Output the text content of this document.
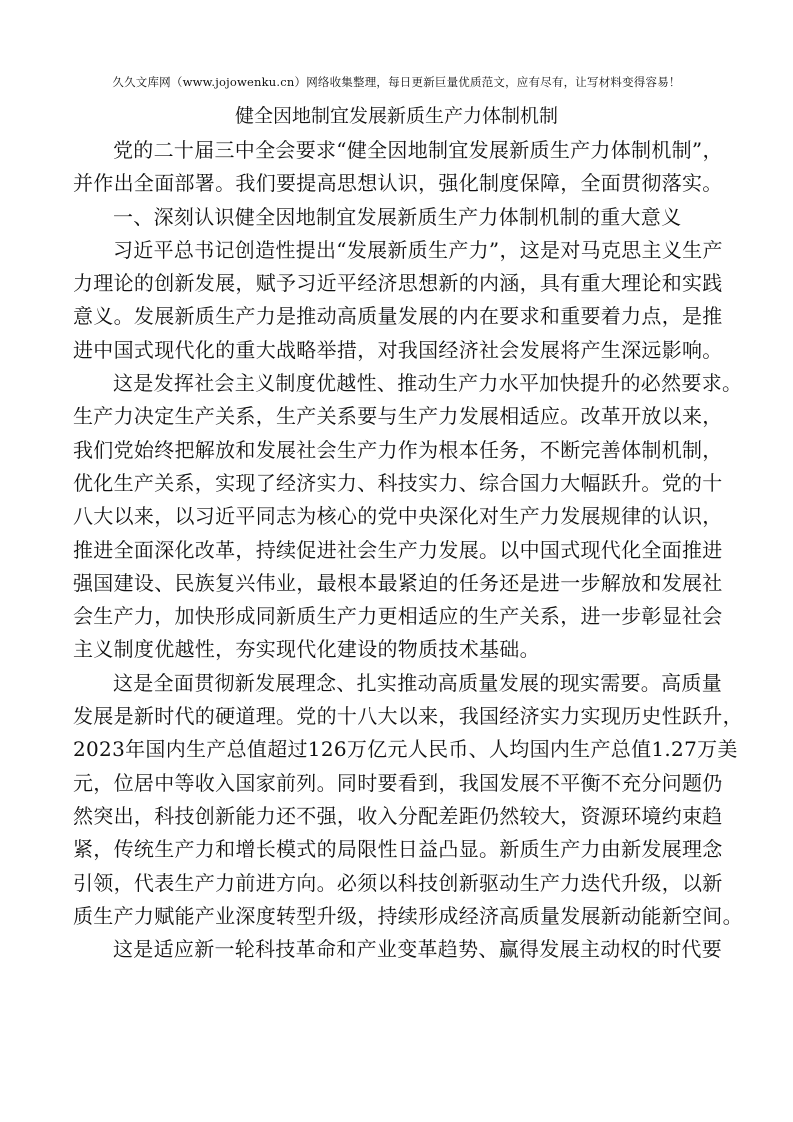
久久文库网（www.jojowenku.cn）网络收集整理，每日更新巨量优质范文，应有尽有，让写材料变得容易！
健全因地制宜发展新质生产力体制机制
党的二十届三中全会要求“健全因地制宜发展新质生产力体制机制”，
并作出全面部署。我们要提高思想认识，强化制度保障，全面贯彻落实。
一、深刻认识健全因地制宜发展新质生产力体制机制的重大意义
习近平总书记创造性提出“发展新质生产力”，这是对马克思主义生产
力理论的创新发展，赋予习近平经济思想新的内涵，具有重大理论和实践
意义。发展新质生产力是推动高质量发展的内在要求和重要着力点，是推
进中国式现代化的重大战略举措，对我国经济社会发展将产生深远影响。
这是发挥社会主义制度优越性、推动生产力水平加快提升的必然要求。
生产力决定生产关系，生产关系要与生产力发展相适应。改革开放以来，
我们党始终把解放和发展社会生产力作为根本任务，不断完善体制机制，
优化生产关系，实现了经济实力、科技实力、综合国力大幅跃升。党的十
八大以来，以习近平同志为核心的党中央深化对生产力发展规律的认识，
推进全面深化改革，持续促进社会生产力发展。以中国式现代化全面推进
强国建设、民族复兴伟业，最根本最紧迫的任务还是进一步解放和发展社
会生产力，加快形成同新质生产力更相适应的生产关系，进一步彰显社会
主义制度优越性，夯实现代化建设的物质技术基础。
这是全面贯彻新发展理念、扎实推动高质量发展的现实需要。高质量
发展是新时代的硬道理。党的十八大以来，我国经济实力实现历史性跃升，
2023年国内生产总值超过126万亿元人民币、人均国内生产总值1.27万美
元，位居中等收入国家前列。同时要看到，我国发展不平衡不充分问题仍
然突出，科技创新能力还不强，收入分配差距仍然较大，资源环境约束趋
紧，传统生产力和增长模式的局限性日益凸显。新质生产力由新发展理念
引领，代表生产力前进方向。必须以科技创新驱动生产力迭代升级，以新
质生产力赋能产业深度转型升级，持续形成经济高质量发展新动能新空间。
这是适应新一轮科技革命和产业变革趋势、赢得发展主动权的时代要
